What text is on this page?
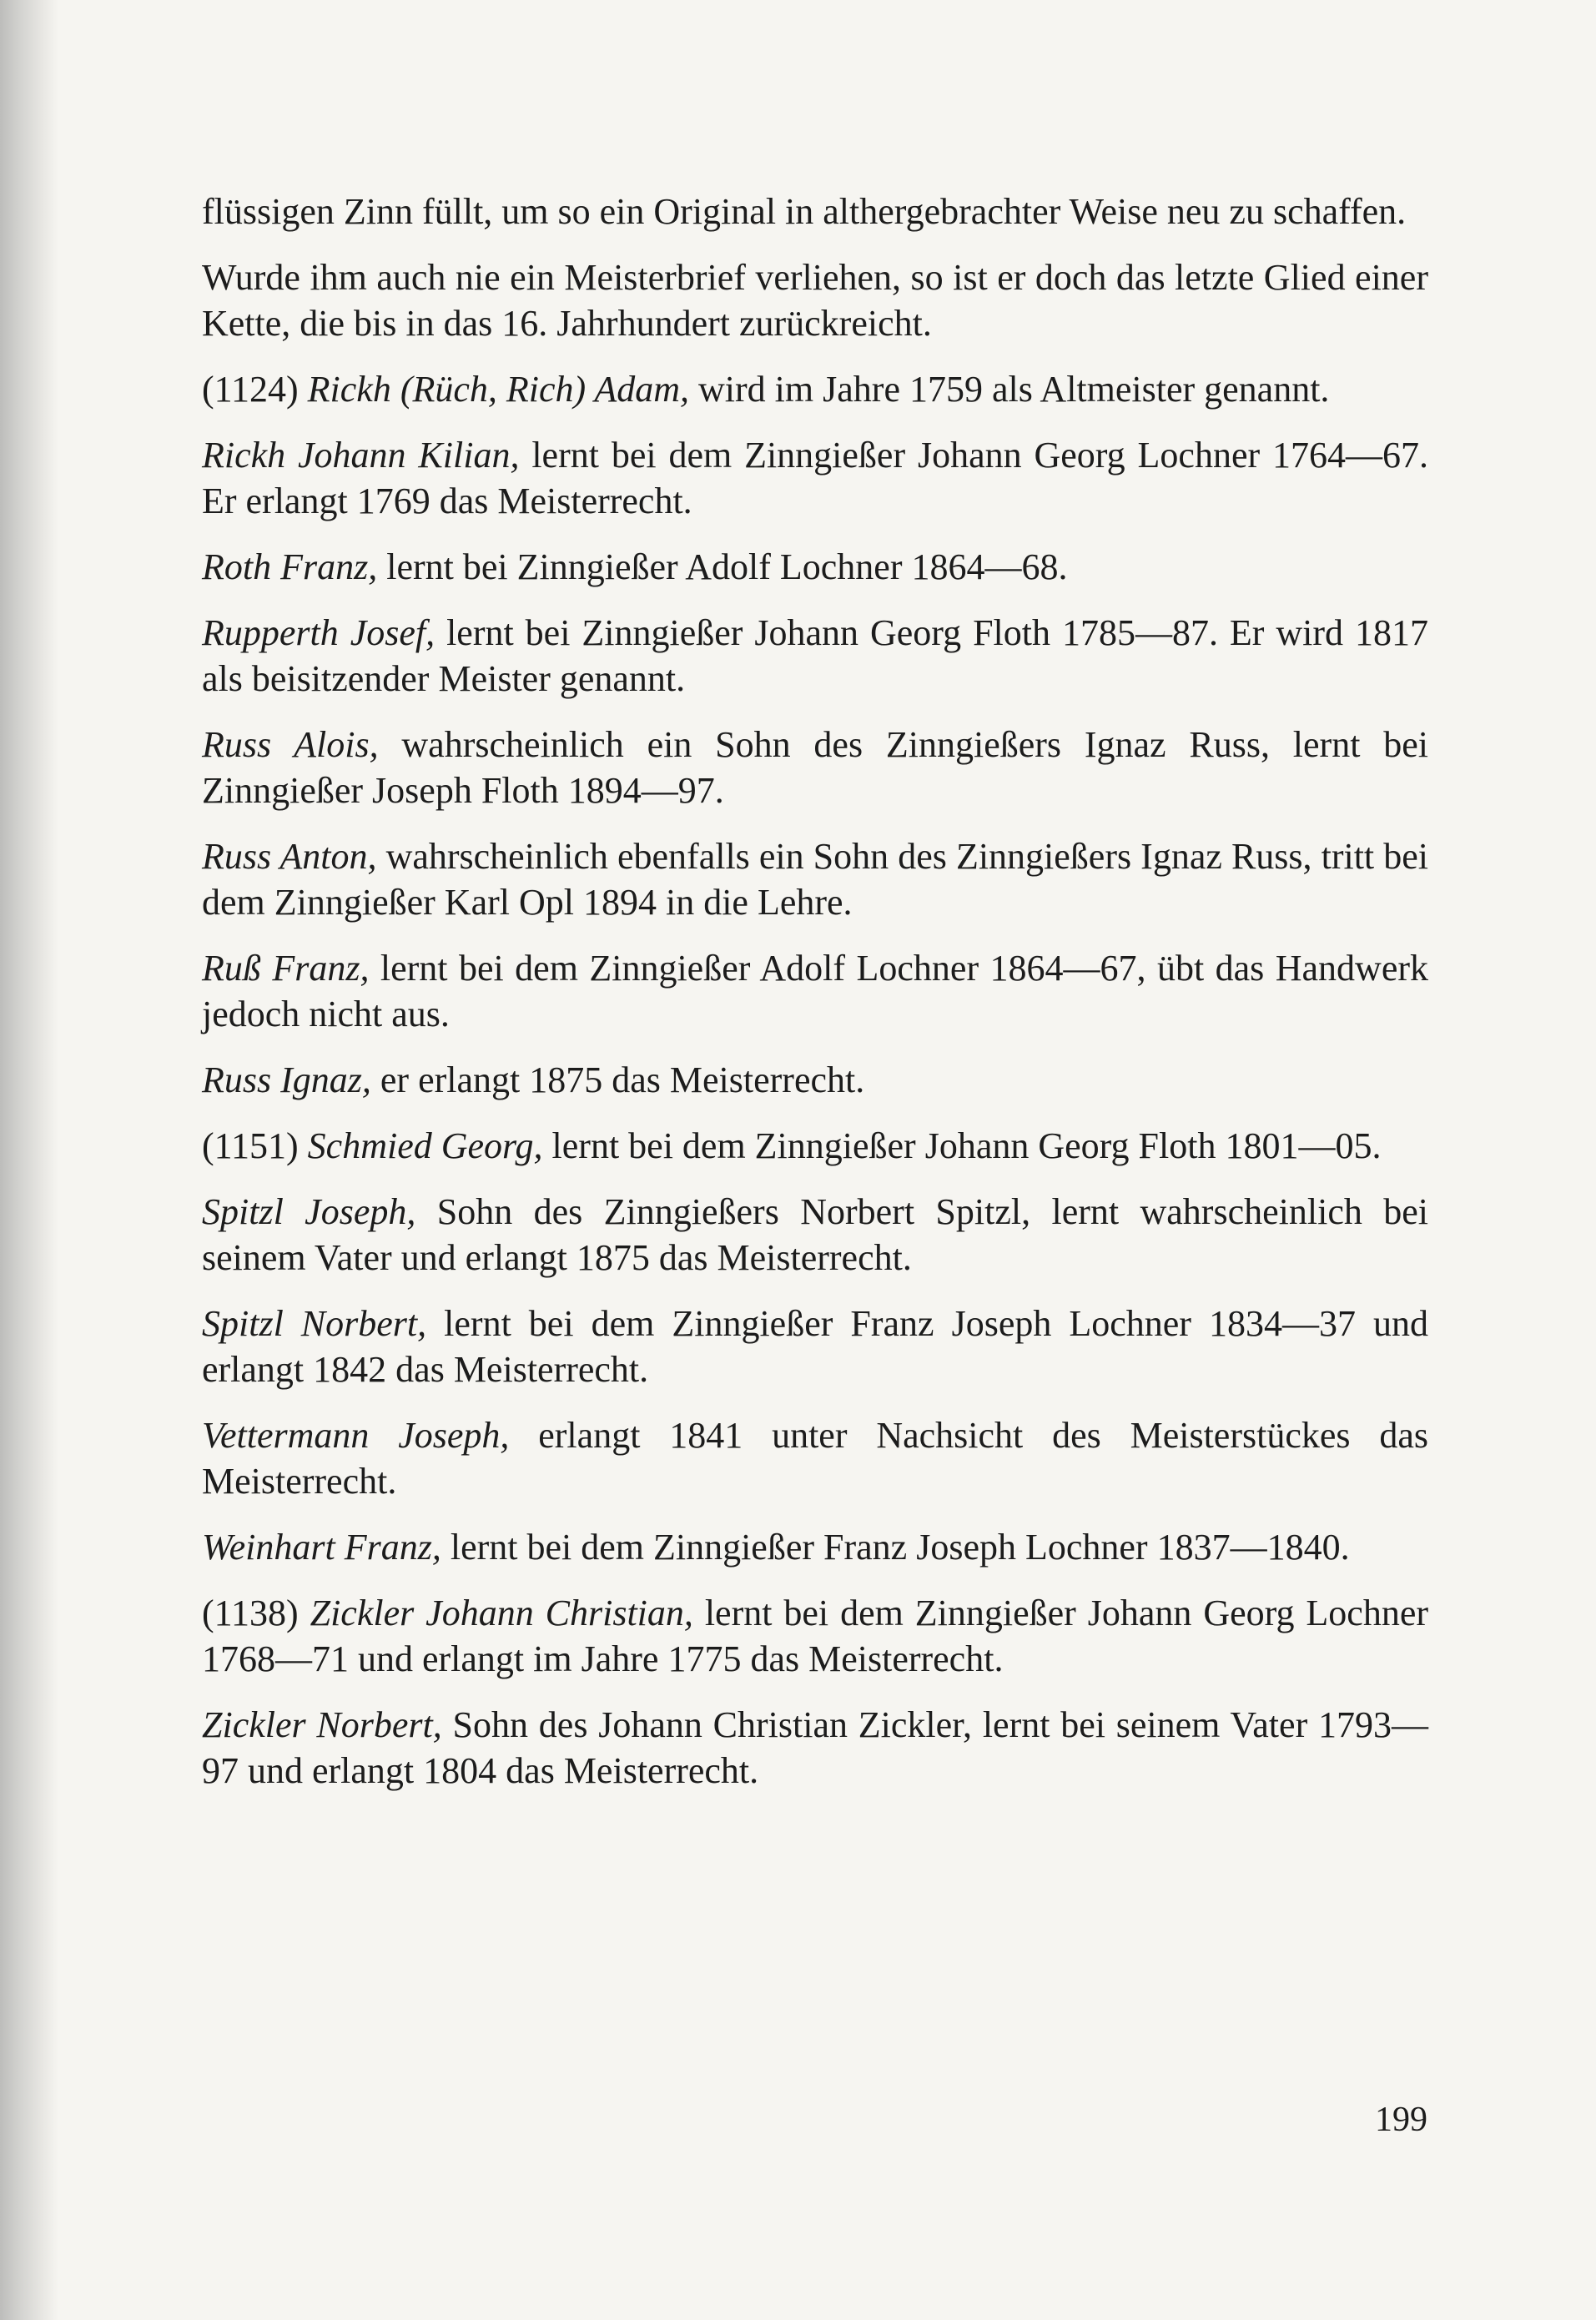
flüssigen Zinn füllt, um so ein Original in althergebrachter Weise neu zu schaffen.

Wurde ihm auch nie ein Meisterbrief verliehen, so ist er doch das letzte Glied einer Kette, die bis in das 16. Jahrhundert zurückreicht.

(1124) Rickh (Rüch, Rich) Adam, wird im Jahre 1759 als Altmeister genannt.

Rickh Johann Kilian, lernt bei dem Zinngießer Johann Georg Lochner 1764—67. Er erlangt 1769 das Meisterrecht.

Roth Franz, lernt bei Zinngießer Adolf Lochner 1864—68.

Rupperth Josef, lernt bei Zinngießer Johann Georg Floth 1785—87. Er wird 1817 als beisitzender Meister genannt.

Russ Alois, wahrscheinlich ein Sohn des Zinngießers Ignaz Russ, lernt bei Zinngießer Joseph Floth 1894—97.

Russ Anton, wahrscheinlich ebenfalls ein Sohn des Zinngießers Ignaz Russ, tritt bei dem Zinngießer Karl Opl 1894 in die Lehre.

Ruß Franz, lernt bei dem Zinngießer Adolf Lochner 1864—67, übt das Handwerk jedoch nicht aus.

Russ Ignaz, er erlangt 1875 das Meisterrecht.

(1151) Schmied Georg, lernt bei dem Zinngießer Johann Georg Floth 1801—05.

Spitzl Joseph, Sohn des Zinngießers Norbert Spitzl, lernt wahrscheinlich bei seinem Vater und erlangt 1875 das Meisterrecht.

Spitzl Norbert, lernt bei dem Zinngießer Franz Joseph Lochner 1834—37 und erlangt 1842 das Meisterrecht.

Vettermann Joseph, erlangt 1841 unter Nachsicht des Meisterstückes das Meisterrecht.

Weinhart Franz, lernt bei dem Zinngießer Franz Joseph Lochner 1837—1840.

(1138) Zickler Johann Christian, lernt bei dem Zinngießer Johann Georg Lochner 1768—71 und erlangt im Jahre 1775 das Meisterrecht.

Zickler Norbert, Sohn des Johann Christian Zickler, lernt bei seinem Vater 1793—97 und erlangt 1804 das Meisterrecht.

199
